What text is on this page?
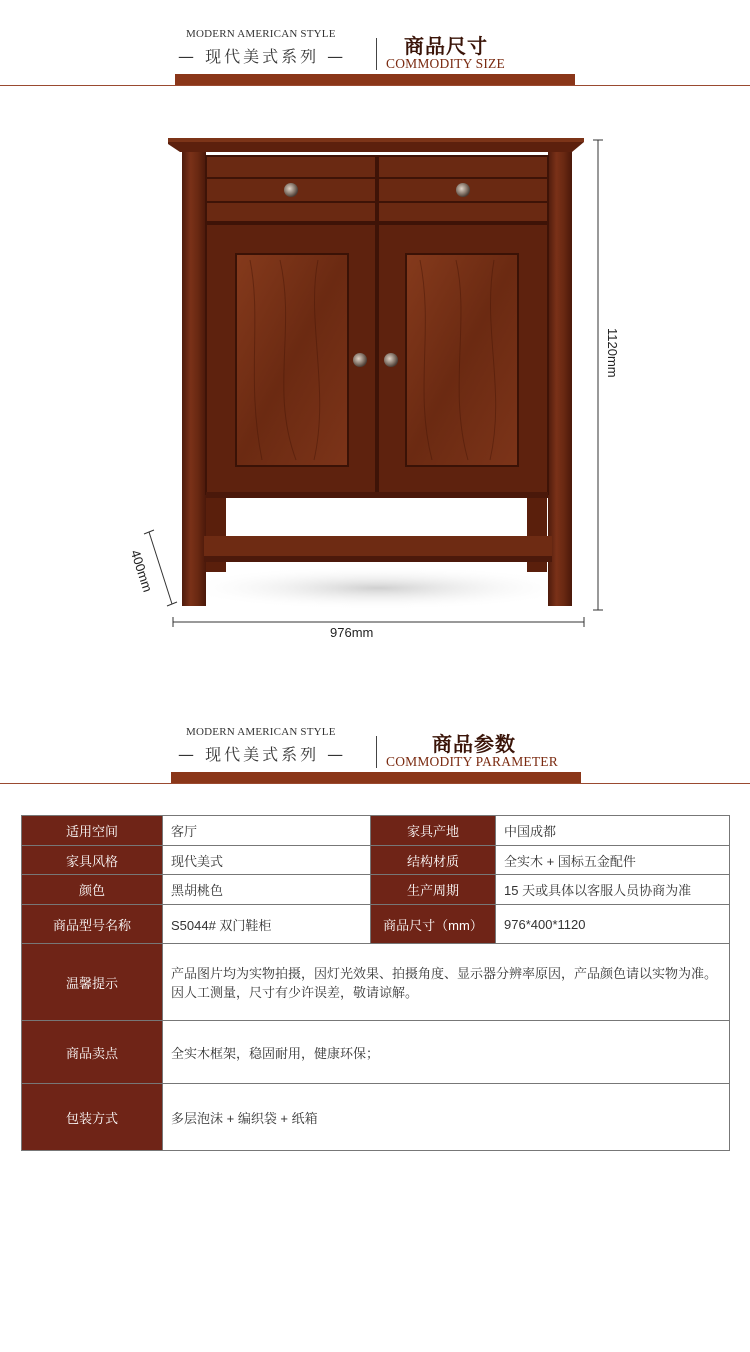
MODERN AMERICAN STYLE
— 现代美式系列 —	商品尺寸
COMMODITY SIZE
1120mm
400mm
976mm
MODERN AMERICAN STYLE
— 现代美式系列 —	商品参数
COMMODITY PARAMETER
适用空间	客厅	家具产地	中国成都
家具风格	现代美式	结构材质	全实木 + 国标五金配件
颜色	黑胡桃色	生产周期	15 天或具体以客服人员协商为准
商品型号名称	S5044# 双门鞋柜	商品尺寸（mm）	976*400*1120
温馨提示	产品图片均为实物拍摄，因灯光效果、拍摄角度、显示器分辨率原因，产品颜色请以实物为准。因人工测量，尺寸有少许误差，敬请谅解。		
商品卖点	全实木框架，稳固耐用，健康环保；		
包装方式	多层泡沫 + 编织袋 + 纸箱		
